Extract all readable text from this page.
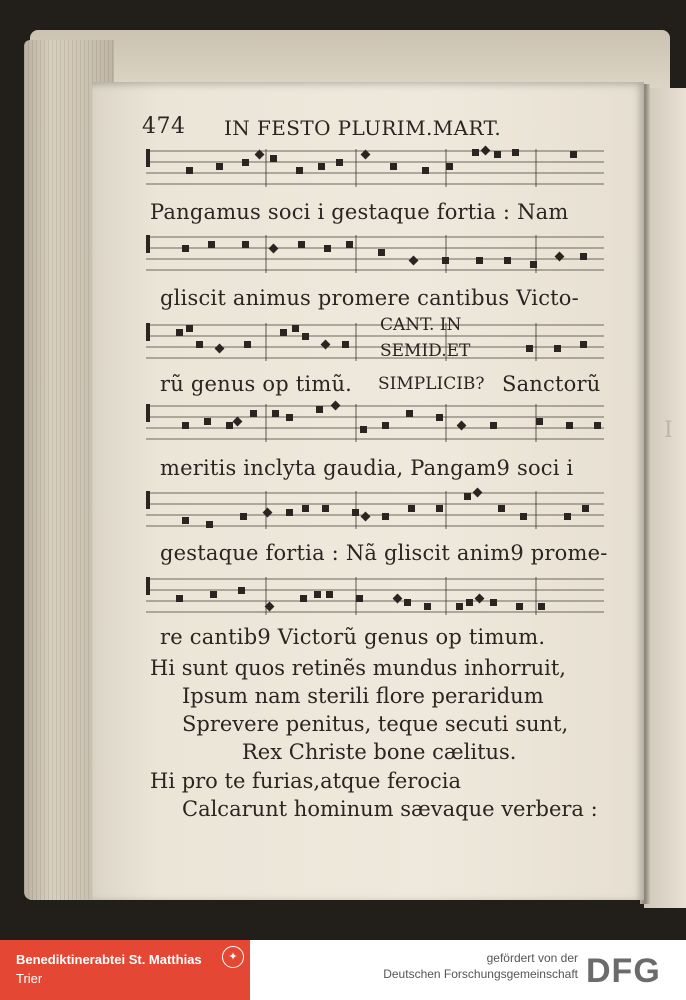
I
474 IN FESTO PLURIM.MART.
Pangamus soci i gestaque fortia : Nam
gliscit animus promere cantibus Victo-
rũ genus op timũ.	Sanctorũ
meritis inclyta gaudia, Pangam9 soci i
gestaque fortia : Nã gliscit anim9 prome-
re cantib9 Victorũ genus op timum.
CANT. IN
SEMID.ET
SIMPLICIB?
Hi sunt quos retinẽs mundus inhorruit,
Ipsum nam sterili flore peraridum
Sprevere penitus, teque secuti sunt,
Rex Christe bone cælitus.
Hi pro te furias,atque ferocia
Calcarunt hominum sævaque verbera :
Benediktinerabtei St. Matthias
Trier
✦	gefördert von der
Deutschen Forschungsgemeinschaft DFG
